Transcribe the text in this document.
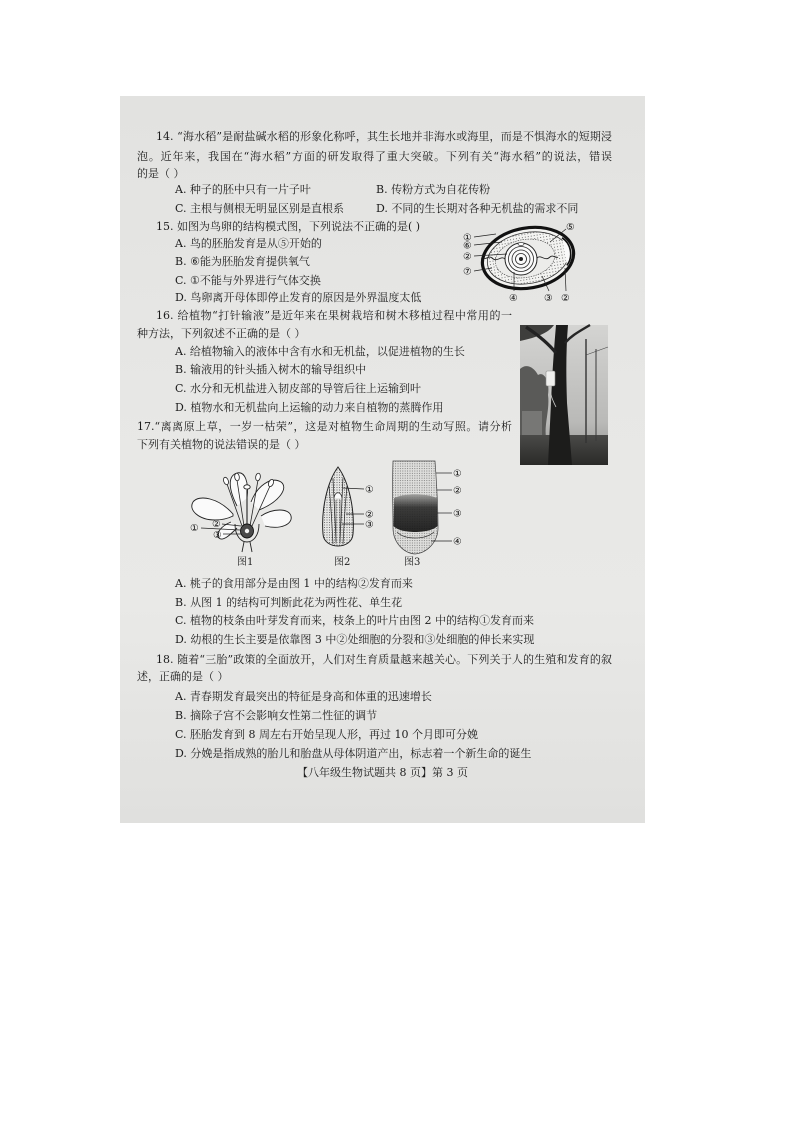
14. “海水稻”是耐盐碱水稻的形象化称呼，其生长地并非海水或海里，而是不惧海水的短期浸
泡。近年来，我国在“海水稻”方面的研发取得了重大突破。下列有关“海水稻”的说法，错误
的是（ ）
A. 种子的胚中只有一片子叶	B. 传粉方式为自花传粉
C. 主根与侧根无明显区别是直根系	D. 不同的生长期对各种无机盐的需求不同
15. 如图为鸟卵的结构模式图，下列说法不正确的是( )
A. 鸟的胚胎发育是从⑤开始的
B. ⑥能为胚胎发育提供氧气
C. ①不能与外界进行气体交换
D. 鸟卵离开母体即停止发育的原因是外界温度太低
①
⑥
②
⑦
⑤
④	③ ②
16. 给植物“打针输液”是近年来在果树栽培和树木移植过程中常用的一
种方法，下列叙述不正确的是（ ）
A. 给植物输入的液体中含有水和无机盐，以促进植物的生长
B. 输液用的针头插入树木的输导组织中
C. 水分和无机盐进入韧皮部的导管后往上运输到叶
D. 植物水和无机盐向上运输的动力来自植物的蒸腾作用
17.“离离原上草，一岁一枯荣”，这是对植物生命周期的生动写照。请分析
下列有关植物的说法错误的是（ ）
① ②
③
图1
①
②
③
图2
①
②
③
④
图3
A. 桃子的食用部分是由图 1 中的结构②发育而来
B. 从图 1 的结构可判断此花为两性花、单生花
C. 植物的枝条由叶芽发育而来，枝条上的叶片由图 2 中的结构①发育而来
D. 幼根的生长主要是依靠图 3 中②处细胞的分裂和③处细胞的伸长来实现
18. 随着“三胎”政策的全面放开，人们对生育质量越来越关心。下列关于人的生殖和发育的叙
述，正确的是（ ）
A. 青春期发育最突出的特征是身高和体重的迅速增长
B. 摘除子宫不会影响女性第二性征的调节
C. 胚胎发育到 8 周左右开始呈现人形，再过 10 个月即可分娩
D. 分娩是指成熟的胎儿和胎盘从母体阴道产出，标志着一个新生命的诞生
【八年级生物试题共 8 页】第 3 页
